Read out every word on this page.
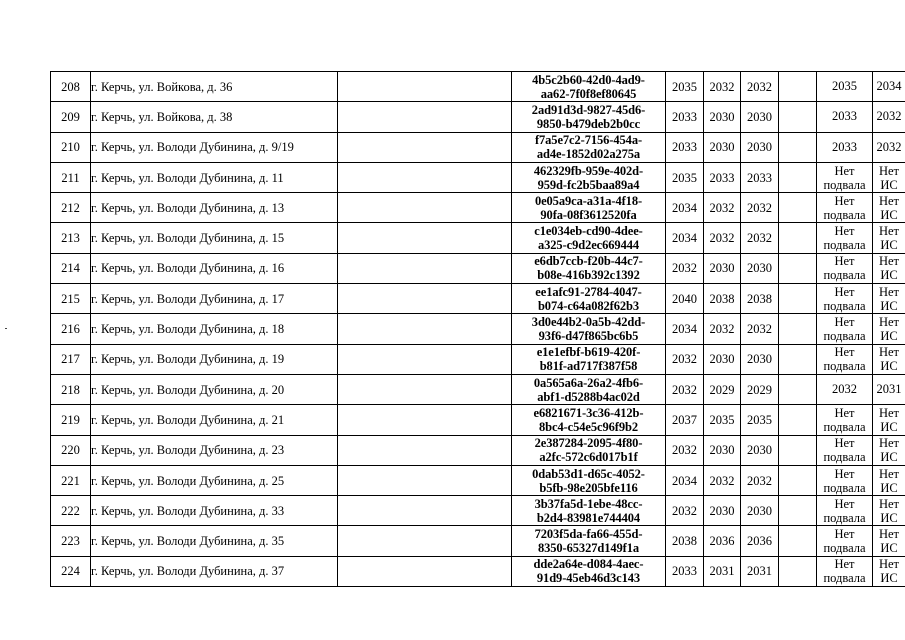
208	г. Керчь, ул. Войкова, д. 36		4b5c2b60-42d0-4ad9-
aa62-7f0f8ef80645	2035	2032	2032		2035	2034

209	г. Керчь, ул. Войкова, д. 38		2ad91d3d-9827-45d6-
9850-b479deb2b0cc	2033	2030	2030		2033	2032

210	г. Керчь, ул. Володи Дубинина, д. 9/19		f7a5e7c2-7156-454a-
ad4e-1852d02a275a	2033	2030	2030		2033	2032

211	г. Керчь, ул. Володи Дубинина, д. 11		462329fb-959e-402d-
959d-fc2b5baa89a4	2035	2033	2033		Нет
подвала	Нет
ИС

212	г. Керчь, ул. Володи Дубинина, д. 13		0e05a9ca-a31a-4f18-
90fa-08f3612520fa	2034	2032	2032		Нет
подвала	Нет
ИС

213	г. Керчь, ул. Володи Дубинина, д. 15		c1e034eb-cd90-4dee-
a325-c9d2ec669444	2034	2032	2032		Нет
подвала	Нет
ИС

214	г. Керчь, ул. Володи Дубинина, д. 16		e6db7ccb-f20b-44c7-
b08e-416b392c1392	2032	2030	2030		Нет
подвала	Нет
ИС

215	г. Керчь, ул. Володи Дубинина, д. 17		ee1afc91-2784-4047-
b074-c64a082f62b3	2040	2038	2038		Нет
подвала	Нет
ИС

216	г. Керчь, ул. Володи Дубинина, д. 18		3d0e44b2-0a5b-42dd-
93f6-d47f865bc6b5	2034	2032	2032		Нет
подвала	Нет
ИС

217	г. Керчь, ул. Володи Дубинина, д. 19		e1e1efbf-b619-420f-
b81f-ad717f387f58	2032	2030	2030		Нет
подвала	Нет
ИС

218	г. Керчь, ул. Володи Дубинина, д. 20		0a565a6a-26a2-4fb6-
abf1-d5288b4ac02d	2032	2029	2029		2032	2031

219	г. Керчь, ул. Володи Дубинина, д. 21		e6821671-3c36-412b-
8bc4-c54e5c96f9b2	2037	2035	2035		Нет
подвала	Нет
ИС

220	г. Керчь, ул. Володи Дубинина, д. 23		2e387284-2095-4f80-
a2fc-572c6d017b1f	2032	2030	2030		Нет
подвала	Нет
ИС

221	г. Керчь, ул. Володи Дубинина, д. 25		0dab53d1-d65c-4052-
b5fb-98e205bfe116	2034	2032	2032		Нет
подвала	Нет
ИС

222	г. Керчь, ул. Володи Дубинина, д. 33		3b37fa5d-1ebe-48cc-
b2d4-83981e744404	2032	2030	2030		Нет
подвала	Нет
ИС

223	г. Керчь, ул. Володи Дубинина, д. 35		7203f5da-fa66-455d-
8350-65327d149f1a	2038	2036	2036		Нет
подвала	Нет
ИС

224	г. Керчь, ул. Володи Дубинина, д. 37		dde2a64e-d084-4aec-
91d9-45eb46d3c143	2033	2031	2031		Нет
подвала	Нет
ИС
